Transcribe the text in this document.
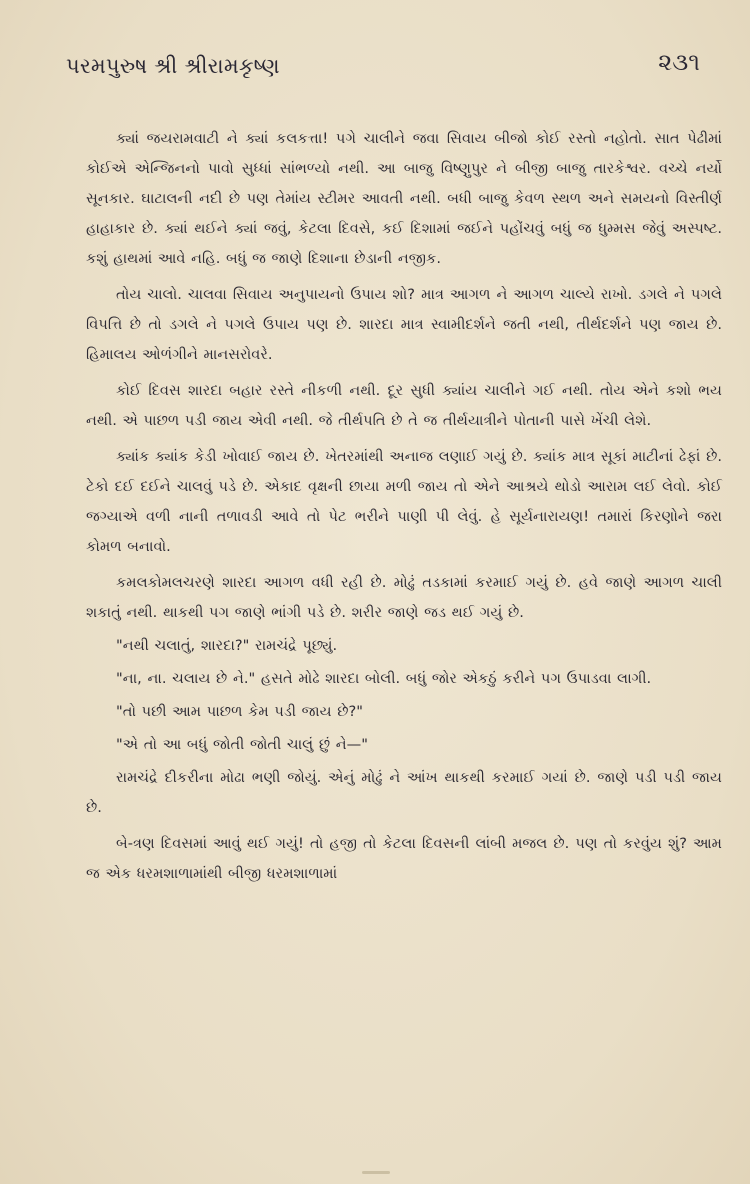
પરમપુરુષ શ્રી શ્રીરામકૃષ્ણ	૨૩૧

ક્યાં જયરામવાટી ને ક્યાં કલકત્તા! પગે ચાલીને જવા સિવાય બીજો કોઈ રસ્તો નહોતો. સાત પેઢીમાં કોઈએ એન્જિનનો પાવો સુધ્ધાં સાંભળ્યો નથી. આ બાજુ વિષ્ણુપુર ને બીજી બાજુ તારકેશ્વર. વચ્ચે નર્યો સૂનકાર. ઘાટાલની નદી છે પણ તેમાંય સ્ટીમર આવતી નથી. બધી બાજુ કેવળ સ્થળ અને સમયનો વિસ્તીર્ણ હાહાકાર છે. ક્યાં થઈને ક્યાં જવું, કેટલા દિવસે, કઈ દિશામાં જઈને પહોંચવું બધું જ ધુમ્મસ જેવું અસ્પષ્ટ. કશું હાથમાં આવે નહિ. બધું જ જાણે દિશાના છેડાની નજીક.

તોય ચાલો. ચાલવા સિવાય અનુપાયનો ઉપાય શો? માત્ર આગળ ને આગળ ચાલ્યે રાખો. ડગલે ને પગલે વિપત્તિ છે તો ડગલે ને પગલે ઉપાય પણ છે. શારદા માત્ર સ્વામીદર્શને જતી નથી, તીર્થદર્શને પણ જાય છે. હિમાલય ઓળંગીને માનસરોવરે.

કોઈ દિવસ શારદા બહાર રસ્તે નીકળી નથી. દૂર સુધી ક્યાંય ચાલીને ગઈ નથી. તોય એને કશો ભય નથી. એ પાછળ પડી જાય એવી નથી. જે તીર્થપતિ છે તે જ તીર્થયાત્રીને પોતાની પાસે ખેંચી લેશે.

ક્યાંક ક્યાંક કેડી ખોવાઈ જાય છે. ખેતરમાંથી અનાજ લણાઈ ગયું છે. ક્યાંક માત્ર સૂકાં માટીનાં ઢેફાં છે. ટેકો દઈ દઈને ચાલવું પડે છે. એકાદ વૃક્ષની છાયા મળી જાય તો એને આશ્રયે થોડો આરામ લઈ લેવો. કોઈ જગ્યાએ વળી નાની તળાવડી આવે તો પેટ ભરીને પાણી પી લેવું. હે સૂર્યનારાયણ! તમારાં કિરણોને જરા કોમળ બનાવો.

કમલકોમલચરણે શારદા આગળ વધી રહી છે. મોઢું તડકામાં કરમાઈ ગયું છે. હવે જાણે આગળ ચાલી શકાતું નથી. થાકથી પગ જાણે ભાંગી પડે છે. શરીર જાણે જડ થઈ ગયું છે.

"નથી ચલાતું, શારદા?" રામચંદ્રે પૂછ્યું.

"ના, ના. ચલાય છે ને." હસતે મોઢે શારદા બોલી. બધું જોર એકઠું કરીને પગ ઉપાડવા લાગી.

"તો પછી આમ પાછળ કેમ પડી જાય છે?"

"એ તો આ બધું જોતી જોતી ચાલું છું ને—"

રામચંદ્રે દીકરીના મોઢા ભણી જોયું. એનું મોઢું ને આંખ થાકથી કરમાઈ ગયાં છે. જાણે પડી પડી જાય છે.

બે-ત્રણ દિવસમાં આવું થઈ ગયું! તો હજી તો કેટલા દિવસની લાંબી મજલ છે. પણ તો કરવુંય શું? આમ જ એક ધરમશાળામાંથી બીજી ધરમશાળામાં
